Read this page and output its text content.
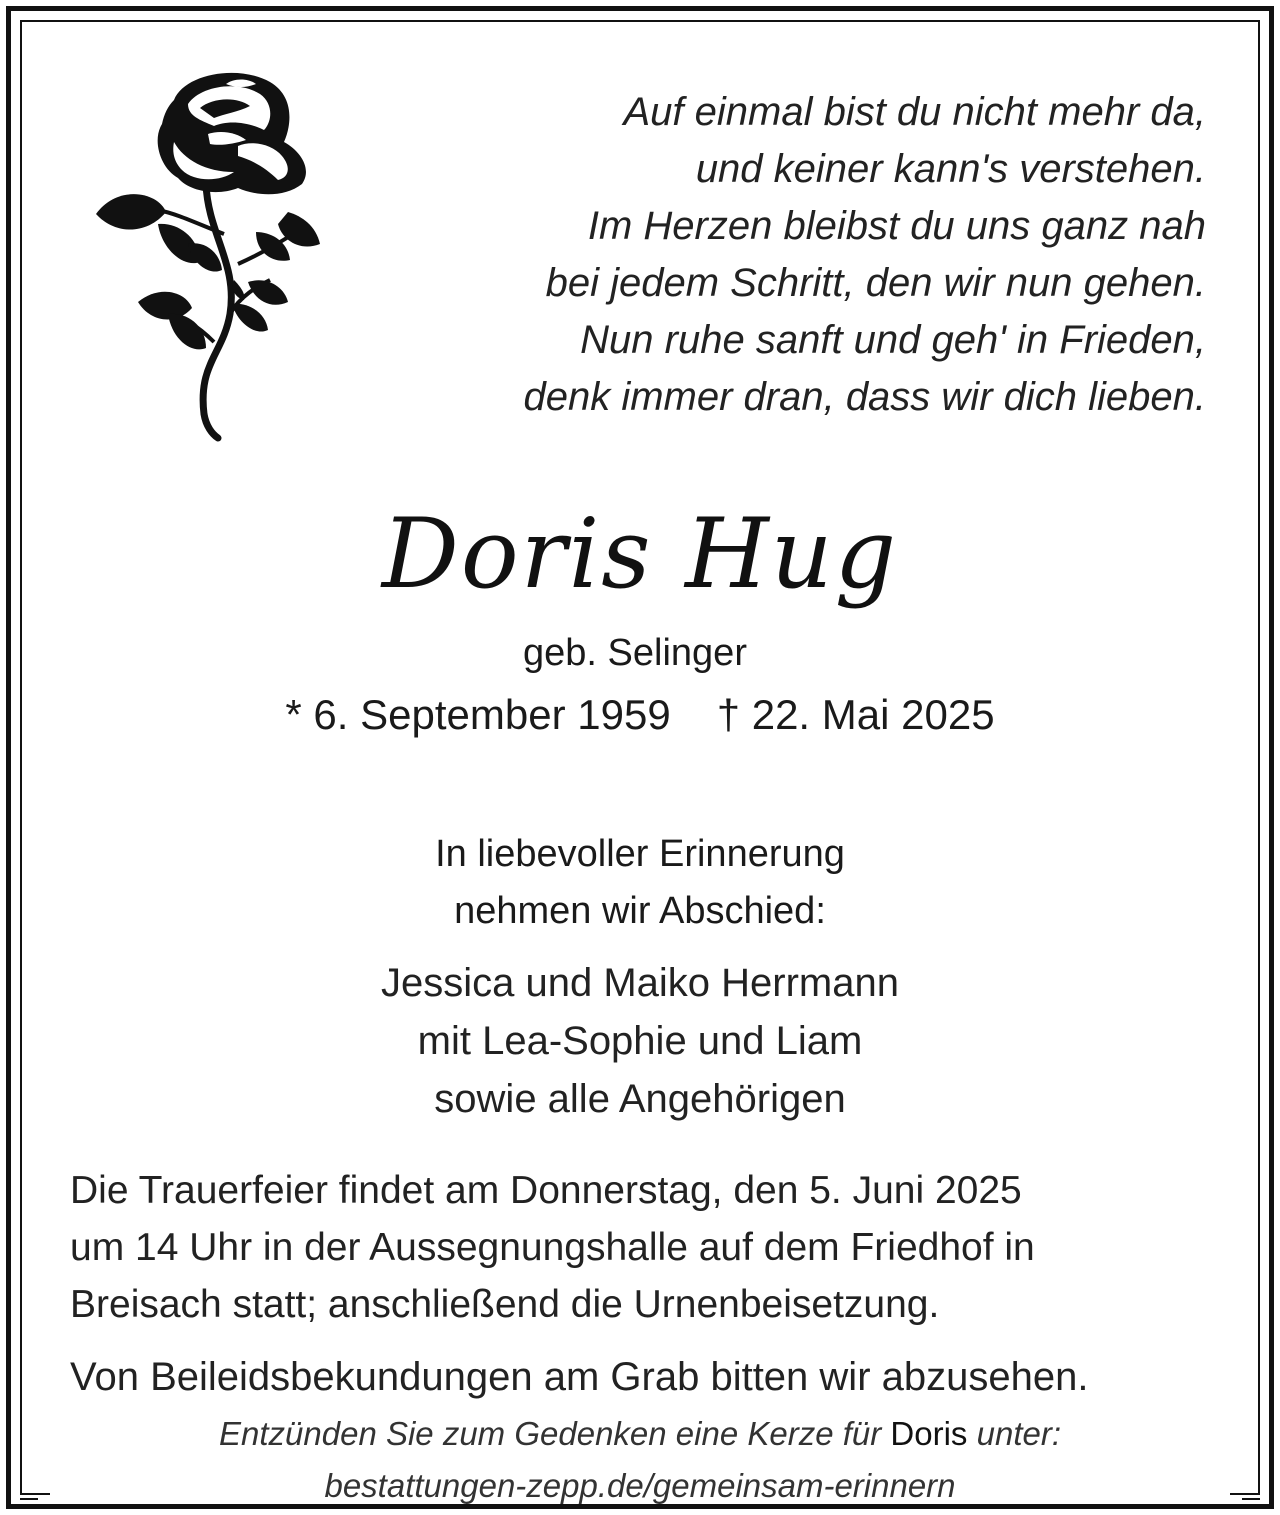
Auf einmal bist du nicht mehr da,
und keiner kann's verstehen.
Im Herzen bleibst du uns ganz nah
bei jedem Schritt, den wir nun gehen.
Nun ruhe sanft und geh' in Frieden,
denk immer dran, dass wir dich lieben.
Doris Hug
geb. Selinger
* 6. September 1959 † 22. Mai 2025
In liebevoller Erinnerung
nehmen wir Abschied:
Jessica und Maiko Herrmann
mit Lea-Sophie und Liam
sowie alle Angehörigen
Die Trauerfeier findet am Donnerstag, den 5. Juni 2025
um 14 Uhr in der Aussegnungshalle auf dem Friedhof in
Breisach statt; anschließend die Urnenbeisetzung.
Von Beileidsbekundungen am Grab bitten wir abzusehen.
Entzünden Sie zum Gedenken eine Kerze für Doris unter:
bestattungen-zepp.de/gemeinsam-erinnern
